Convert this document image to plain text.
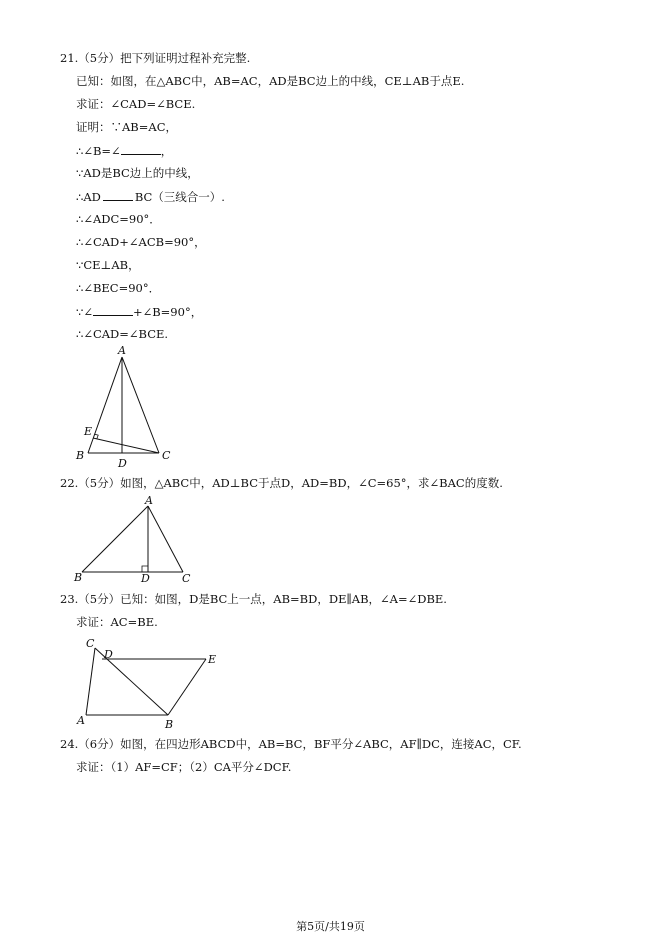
21.（5分）把下列证明过程补充完整.
已知：如图，在△ABC中，AB=AC，AD是BC边上的中线，CE⊥AB于点E.
求证：∠CAD=∠BCE.
证明：∵AB=AC，
∴∠B=∠	，
∵AD是BC边上的中线，
∴AD	BC（三线合一）.
∴∠ADC=90°．
∴∠CAD+∠ACB=90°，
∵CE⊥AB，
∴∠BEC=90°．
∵∠	+∠B=90°，
∴∠CAD=∠BCE.
A
B	C
D
E
22.（5分）如图，△ABC中，AD⊥BC于点D，AD=BD，∠C=65°，求∠BAC的度数.
A
B	C
D
23.（5分）已知：如图，D是BC上一点，AB=BD，DE∥AB，∠A=∠DBE.
求证：AC=BE.
C
D	E
A	B
24.（6分）如图，在四边形ABCD中，AB=BC，BF平分∠ABC，AF∥DC，连接AC，CF.
求证：（1）AF=CF；（2）CA平分∠DCF.
第5页/共19页
